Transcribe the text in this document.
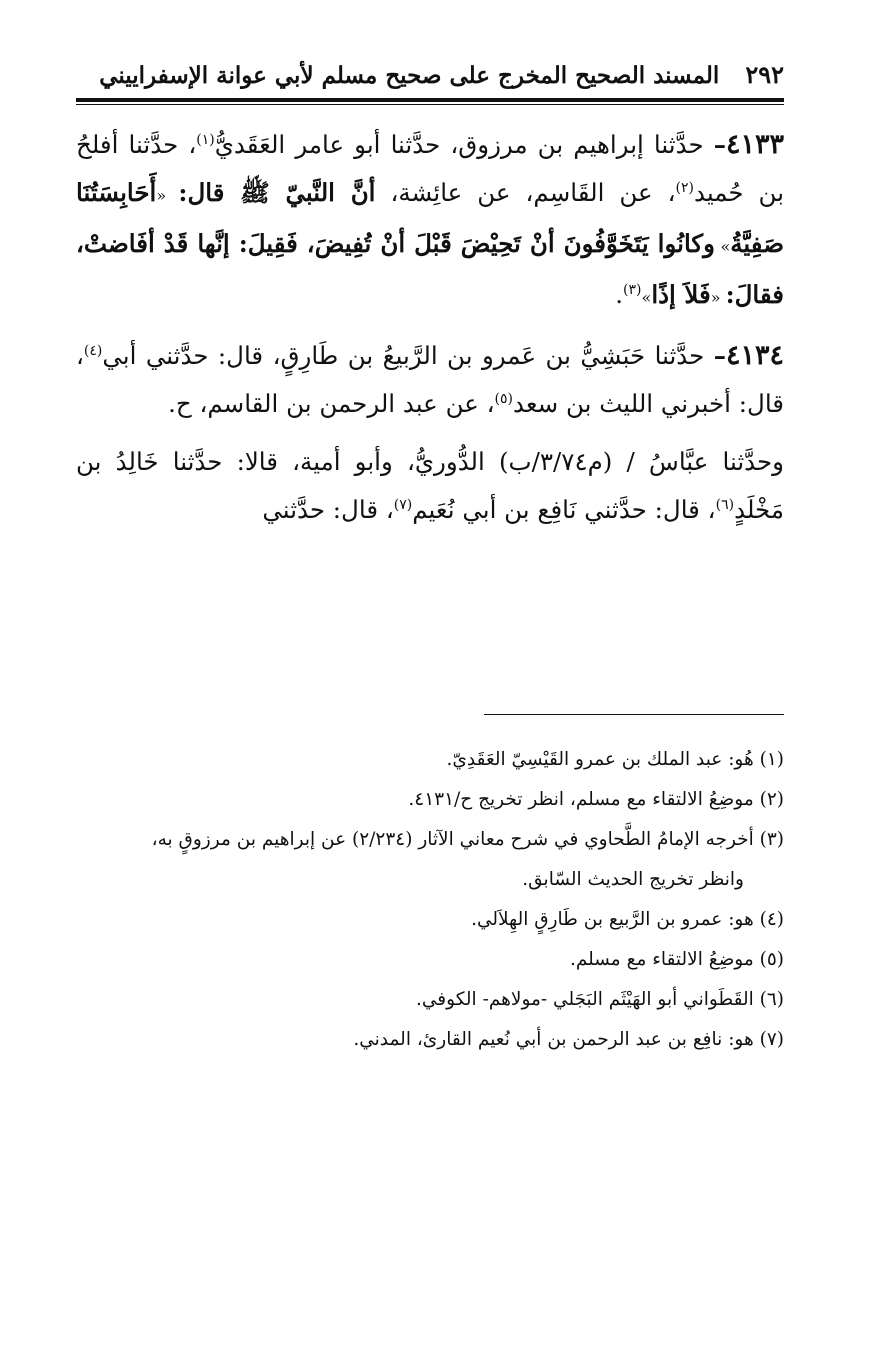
٢٩٢
المسند الصحيح المخرج على صحيح مسلم لأبي عوانة الإسفراييني

٤١٣٣– حدَّثنا إبراهيم بن مرزوق، حدَّثنا أبو عامر العَقَديُّ$^{(١)}$، حدَّثنا أفلحُ بن حُميد$^{(٢)}$، عن القَاسِم، عن عائِشة، أنَّ النَّبيّ ﷺ قال: «أَحَابِسَتُنَا صَفِيَّةُ» وكانُوا يَتَخَوَّفُونَ أنْ تَحِيْضَ قَبْلَ أنْ تُفِيضَ، فَقِيلَ: إنَّها قَدْ أفَاضتْ، فقالَ: «فَلاَ إذًا»$^{(٣)}$.

٤١٣٤– حدَّثنا حَبَشِيُّ بن عَمرو بن الرَّبيعُ بن طَارِقٍ، قال: حدَّثني أبي$^{(٤)}$، قال: أخبرني الليث بن سعد$^{(٥)}$، عن عبد الرحمن بن القاسم، ح.

وحدَّثنا عبَّاسُ / (م٣/٧٤/ب) الدُّوريُّ، وأبو أمية، قالا: حدَّثنا خَالِدُ بن مَخْلَدٍ$^{(٦)}$، قال: حدَّثني نَافِع بن أبي نُعَيم$^{(٧)}$، قال: حدَّثني

(١) هُو: عبد الملك بن عمرو القَيْسِيّ العَقَدِيّ.

(٢) موضِعُ الالتقاء مع مسلم، انظر تخريج ح/٤١٣١.

(٣) أخرجه الإمامُ الطَّحاوي في شرح معاني الآثار (٢/٢٣٤) عن إبراهيم بن مرزوقٍ به،

وانظر تخريج الحديث السّابق.

(٤) هو: عمرو بن الرَّبيع بن طَارِقٍ الهِلاَلي.

(٥) موضِعُ الالتقاء مع مسلم.

(٦) القَطَواني أبو الهَيْثَم البَجَلي -مولاهم- الكوفي.

(٧) هو: نافِع بن عبد الرحمن بن أبي نُعيم القارئ، المدني.
